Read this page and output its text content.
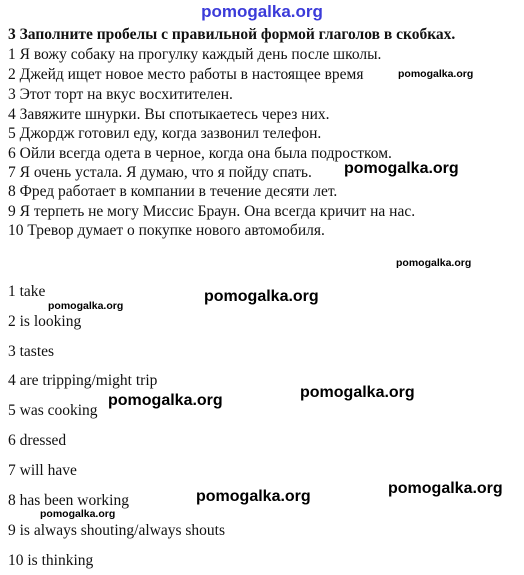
pomogalka.org
3 Заполните пробелы с правильной формой глаголов в скобках.
1 Я вожу собаку на прогулку каждый день после школы.
2 Джейд ищет новое место работы в настоящее время
3 Этот торт на вкус восхитителен.
4 Завяжите шнурки. Вы спотыкаетесь через них.
5 Джордж готовил еду, когда зазвонил телефон.
6 Ойли всегда одета в черное, когда она была подростком.
7 Я очень устала. Я думаю, что я пойду спать.
8 Фред работает в компании в течение десяти лет.
9 Я терпеть не могу Миссис Браун. Она всегда кричит на нас.
10 Тревор думает о покупке нового автомобиля.
1 take
2 is looking
3 tastes
4 are tripping/might trip
5 was cooking
6 dressed
7 will have
8 has been working
9 is always shouting/always shouts
10 is thinking
pomogalka.org
pomogalka.org
pomogalka.org
pomogalka.org
pomogalka.org
pomogalka.org
pomogalka.org
pomogalka.org
pomogalka.org
pomogalka.org
